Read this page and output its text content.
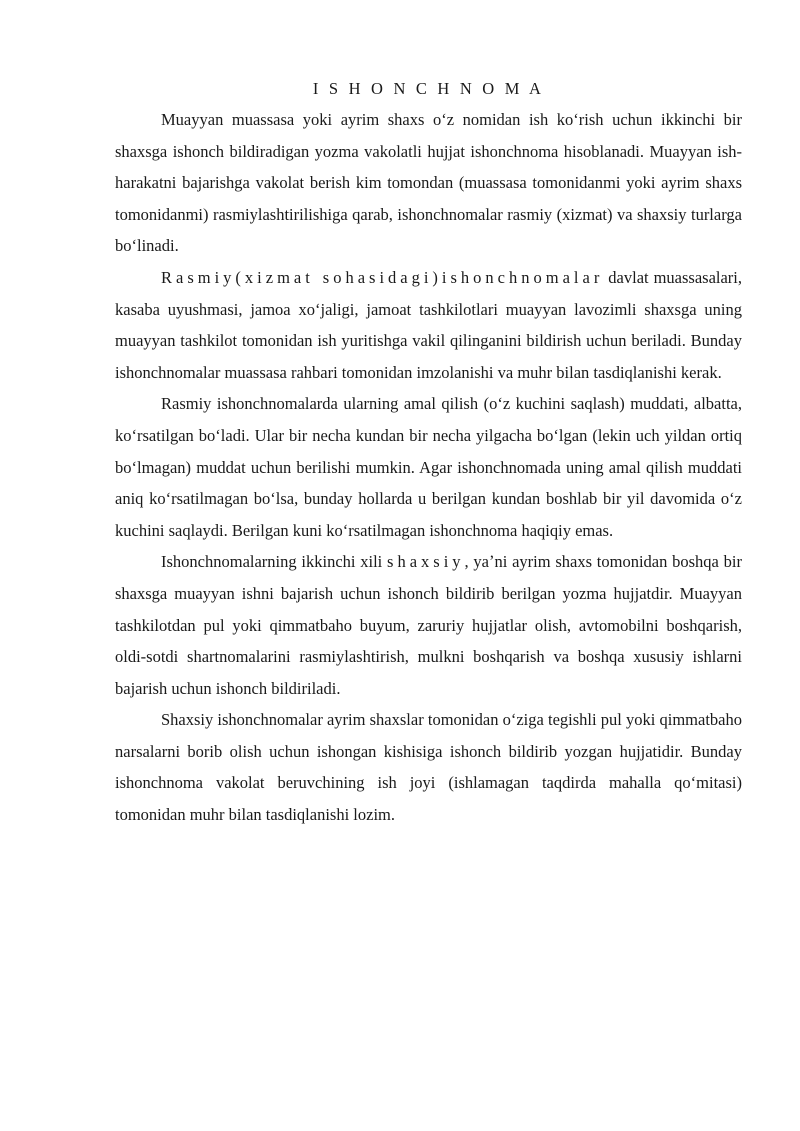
I S H O N C H N O M A

Muayyan muassasa yoki ayrim shaxs oʻz nomidan ish koʻrish uchun ikkinchi bir shaxsga ishonch bildiradigan yozma vakolatli hujjat ishonchnoma hisoblanadi. Muayyan ish-harakatni bajarishga vakolat berish kim tomondan (muassasa tomonidanmi yoki ayrim shaxs tomonidanmi) rasmiylashtirilishiga qarab, ishonchnomalar rasmiy (xizmat) va shaxsiy turlarga boʻlinadi.

Rasmiy(xizmat sohasidagi)ishonchnomalar davlat muassasalari, kasaba uyushmasi, jamoa xoʻjaligi, jamoat tashkilotlari muayyan lavozimli shaxsga uning muayyan tashkilot tomonidan ish yuritishga vakil qilinganini bildirish uchun beriladi. Bunday ishonchnomalar muassasa rahbari tomonidan imzolanishi va muhr bilan tasdiqlanishi kerak.

Rasmiy ishonchnomalarda ularning amal qilish (oʻz kuchini saqlash) muddati, albatta, koʻrsatilgan boʻladi. Ular bir necha kundan bir necha yilgacha boʻlgan (lekin uch yildan ortiq boʻlmagan) muddat uchun berilishi mumkin. Agar ishonchnomada uning amal qilish muddati aniq koʻrsatilmagan boʻlsa, bunday hollarda u berilgan kundan boshlab bir yil davomida oʻz kuchini saqlaydi. Berilgan kuni koʻrsatilmagan ishonchnoma haqiqiy emas.

Ishonchnomalarning ikkinchi xili shaxsiy, yaʼni ayrim shaxs tomonidan boshqa bir shaxsga muayyan ishni bajarish uchun ishonch bildirib berilgan yozma hujjatdir. Muayyan tashkilotdan pul yoki qimmatbaho buyum, zaruriy hujjatlar olish, avtomobilni boshqarish, oldi-sotdi shartnomalarini rasmiylashtirish, mulkni boshqarish va boshqa xususiy ishlarni bajarish uchun ishonch bildiriladi.

Shaxsiy ishonchnomalar ayrim shaxslar tomonidan oʻziga tegishli pul yoki qimmatbaho narsalarni borib olish uchun ishongan kishisiga ishonch bildirib yozgan hujjatidir. Bunday ishonchnoma vakolat beruvchining ish joyi (ishlamagan taqdirda mahalla qoʻmitasi) tomonidan muhr bilan tasdiqlanishi lozim.
